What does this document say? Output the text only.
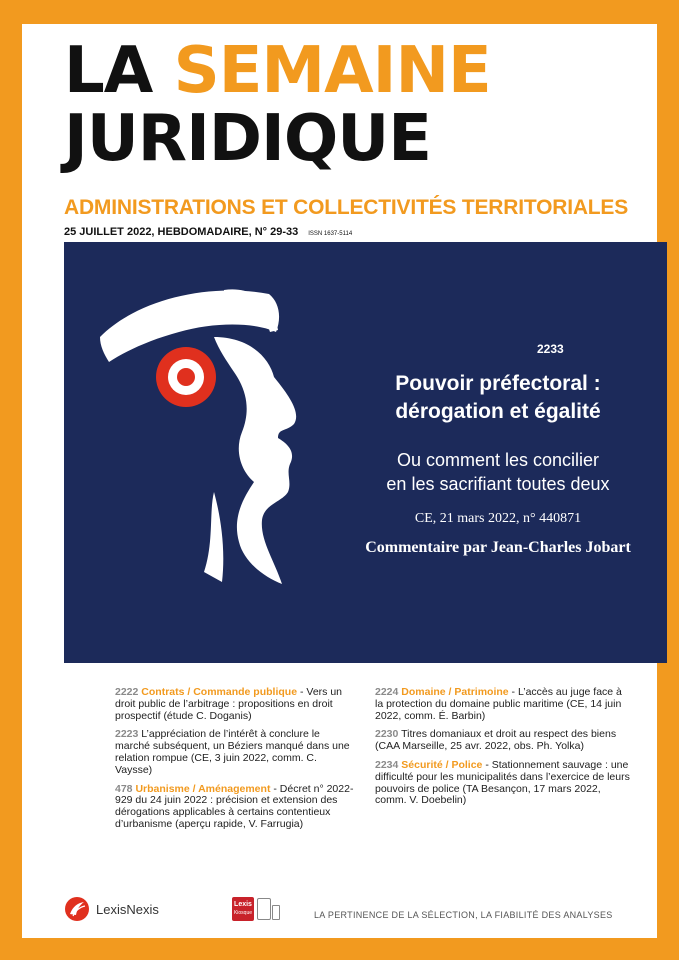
LA SEMAINE
JURIDIQUE
ADMINISTRATIONS ET COLLECTIVITÉS TERRITORIALES
25 JUILLET 2022, HEBDOMADAIRE, N° 29-33 ISSN 1637-5114
2233
Pouvoir préfectoral :
dérogation et égalité
Ou comment les concilier
en les sacrifiant toutes deux
CE, 21 mars 2022, n° 440871
Commentaire par Jean-Charles Jobart
2222 Contrats / Commande publique - Vers un droit public de l’arbitrage : propositions en droit prospectif (étude C. Doganis)
2223 L’appréciation de l’intérêt à conclure le marché subséquent, un Béziers manqué dans une relation rompue (CE, 3 juin 2022, comm. C. Vaysse)
478 Urbanisme / Aménagement - Décret n° 2022-929 du 24 juin 2022 : précision et extension des dérogations applicables à certains contentieux d’urbanisme (aperçu rapide, V. Farrugia)
2224 Domaine / Patrimoine - L’accès au juge face à la protection du domaine public maritime (CE, 14 juin 2022, comm. É. Barbin)
2230 Titres domaniaux et droit au respect des biens (CAA Marseille, 25 avr. 2022, obs. Ph. Yolka)
2234 Sécurité / Police - Stationnement sauvage : une difficulté pour les municipalités dans l’exercice de leurs pouvoirs de police (TA Besançon, 17 mars 2022, comm. V. Doebelin)
LexisNexis	Lexis
Kiosque	LA PERTINENCE DE LA SÉLECTION, LA FIABILITÉ DES ANALYSES
